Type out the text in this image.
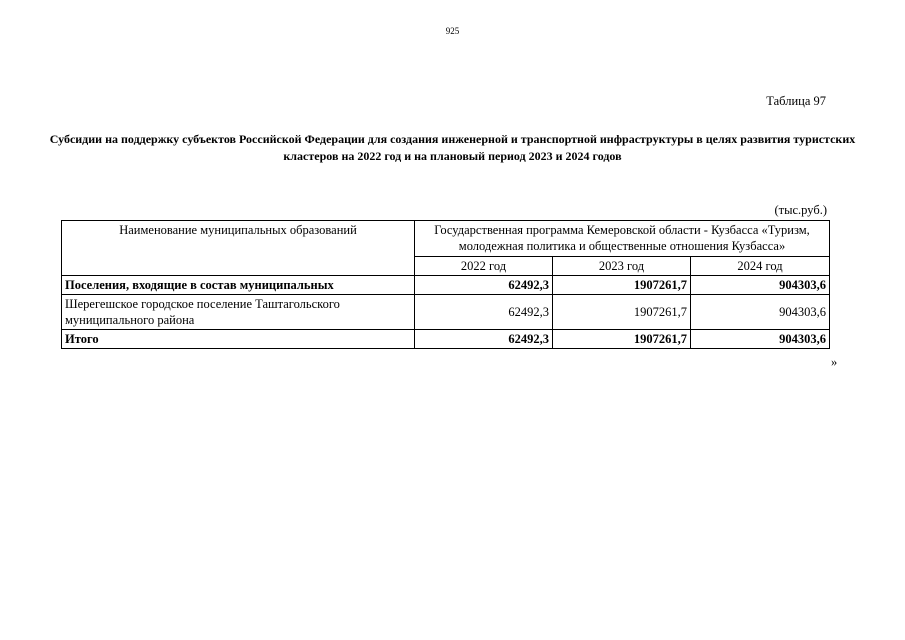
925
Таблица 97
Субсидии на поддержку субъектов Российской Федерации для создания инженерной и транспортной инфраструктуры в целях развития туристских кластеров на 2022 год и на плановый период 2023 и 2024 годов
(тыс.руб.)
Наименование муниципальных образований	Государственная программа Кемеровской области - Кузбасса «Туризм, молодежная политика и общественные отношения Кузбасса»		
	2022 год	2023 год	2024 год
Поселения, входящие в состав муниципальных	62492,3	1907261,7	904303,6
Шерегешское городское поселение Таштагольского муниципального района	62492,3	1907261,7	904303,6
Итого	62492,3	1907261,7	904303,6
»
